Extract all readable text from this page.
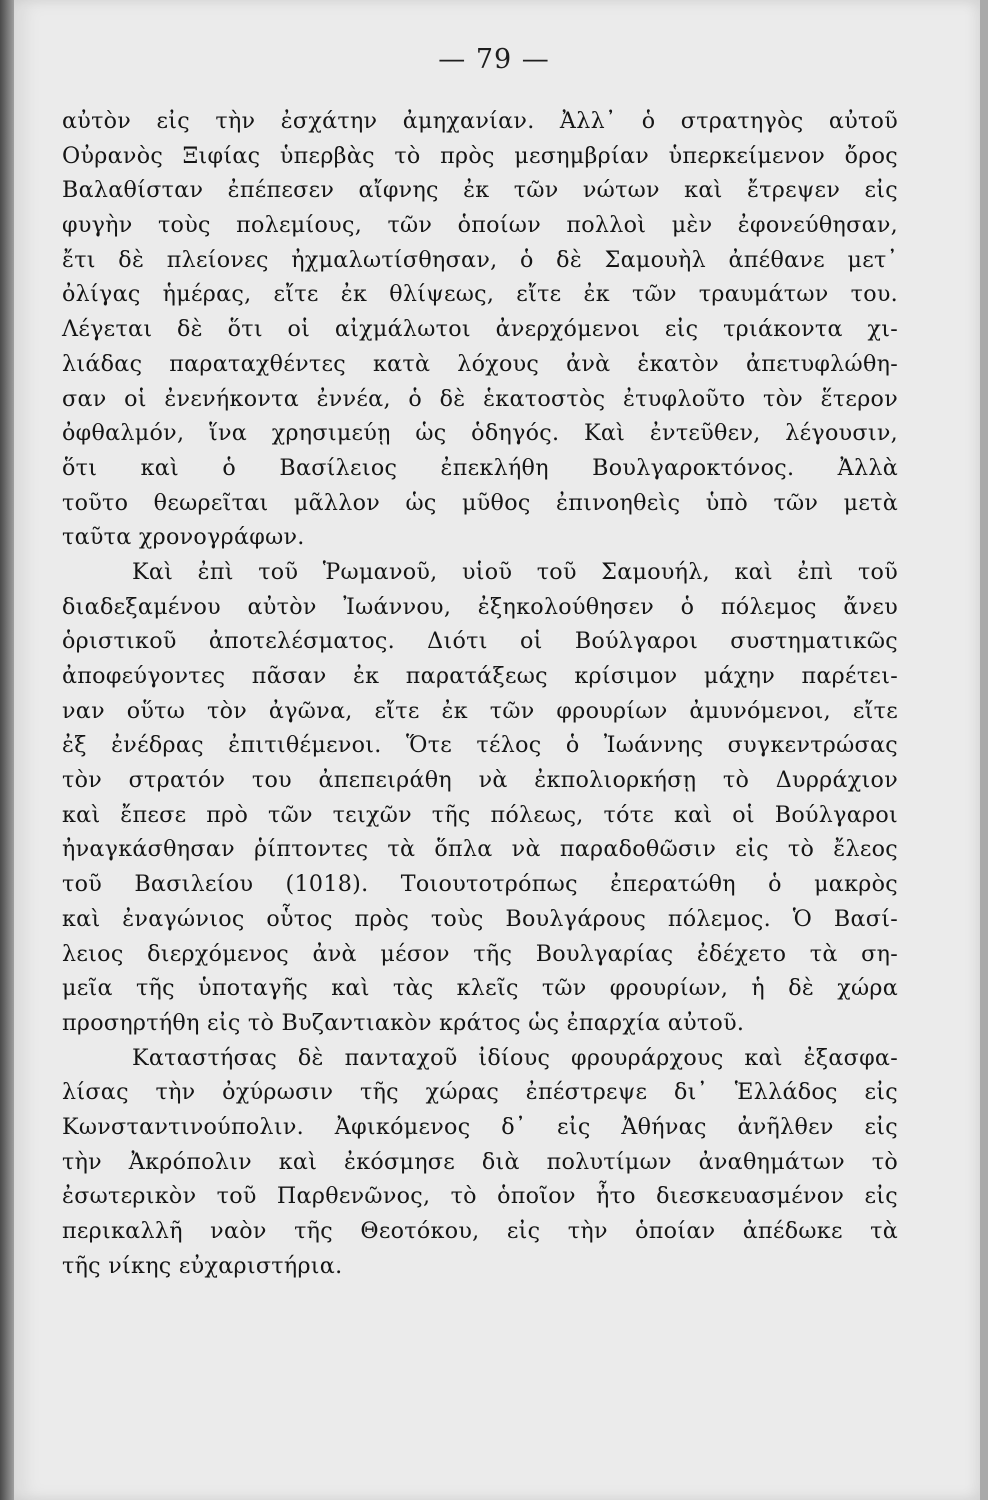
— 79 —
αὐτὸν εἰς τὴν ἐσχάτην ἀμηχανίαν. Ἀλλ᾿ ὁ στρατηγὸς αὐτοῦ
Οὐρανὸς Ξιφίας ὑπερβὰς τὸ πρὸς μεσημβρίαν ὑπερκείμενον ὄρος
Βαλαθίσταν ἐπέπεσεν αἴφνης ἐκ τῶν νώτων καὶ ἔτρεψεν εἰς
φυγὴν τοὺς πολεμίους, τῶν ὁποίων πολλοὶ μὲν ἐφονεύθησαν,
ἔτι δὲ πλείονες ἠχμαλωτίσθησαν, ὁ δὲ Σαμουὴλ ἀπέθανε μετ᾿
ὀλίγας ἡμέρας, εἴτε ἐκ θλίψεως, εἴτε ἐκ τῶν τραυμάτων του.
Λέγεται δὲ ὅτι οἱ αἰχμάλωτοι ἀνερχόμενοι εἰς τριάκοντα χι-
λιάδας παραταχθέντες κατὰ λόχους ἀνὰ ἑκατὸν ἀπετυφλώθη-
σαν οἱ ἐνενήκοντα ἐννέα, ὁ δὲ ἑκατοστὸς ἐτυφλοῦτο τὸν ἕτερον
ὀφθαλμόν, ἵνα χρησιμεύῃ ὡς ὁδηγός. Καὶ ἐντεῦθεν, λέγουσιν,
ὅτι καὶ ὁ Βασίλειος ἐπεκλήθη Βουλγαροκτόνος. Ἀλλὰ
τοῦτο θεωρεῖται μᾶλλον ὡς μῦθος ἐπινοηθεὶς ὑπὸ τῶν μετὰ
ταῦτα χρονογράφων.
Καὶ ἐπὶ τοῦ Ῥωμανοῦ, υἱοῦ τοῦ Σαμουήλ, καὶ ἐπὶ τοῦ
διαδεξαμένου αὐτὸν Ἰωάννου, ἐξηκολούθησεν ὁ πόλεμος ἄνευ
ὁριστικοῦ ἀποτελέσματος. Διότι οἱ Βούλγαροι συστηματικῶς
ἀποφεύγοντες πᾶσαν ἐκ παρατάξεως κρίσιμον μάχην παρέτει-
ναν οὕτω τὸν ἀγῶνα, εἴτε ἐκ τῶν φρουρίων ἀμυνόμενοι, εἴτε
ἐξ ἐνέδρας ἐπιτιθέμενοι. Ὅτε τέλος ὁ Ἰωάννης συγκεντρώσας
τὸν στρατόν του ἀπεπειράθη νὰ ἐκπολιορκήσῃ τὸ Δυρράχιον
καὶ ἔπεσε πρὸ τῶν τειχῶν τῆς πόλεως, τότε καὶ οἱ Βούλγαροι
ἠναγκάσθησαν ῥίπτοντες τὰ ὅπλα νὰ παραδοθῶσιν εἰς τὸ ἔλεος
τοῦ Βασιλείου (1018). Τοιουτοτρόπως ἐπερατώθη ὁ μακρὸς
καὶ ἐναγώνιος οὗτος πρὸς τοὺς Βουλγάρους πόλεμος. Ὁ Βασί-
λειος διερχόμενος ἀνὰ μέσον τῆς Βουλγαρίας ἐδέχετο τὰ ση-
μεῖα τῆς ὑποταγῆς καὶ τὰς κλεῖς τῶν φρουρίων, ἡ δὲ χώρα
προσηρτήθη εἰς τὸ Βυζαντιακὸν κράτος ὡς ἐπαρχία αὐτοῦ.
Καταστήσας δὲ πανταχοῦ ἰδίους φρουράρχους καὶ ἐξασφα-
λίσας τὴν ὀχύρωσιν τῆς χώρας ἐπέστρεψε δι᾿ Ἑλλάδος εἰς
Κωνσταντινούπολιν. Ἀφικόμενος δ᾿ εἰς Ἀθήνας ἀνῆλθεν εἰς
τὴν Ἀκρόπολιν καὶ ἐκόσμησε διὰ πολυτίμων ἀναθημάτων τὸ
ἐσωτερικὸν τοῦ Παρθενῶνος, τὸ ὁποῖον ἦτο διεσκευασμένον εἰς
περικαλλῆ ναὸν τῆς Θεοτόκου, εἰς τὴν ὁποίαν ἀπέδωκε τὰ
τῆς νίκης εὐχαριστήρια.
